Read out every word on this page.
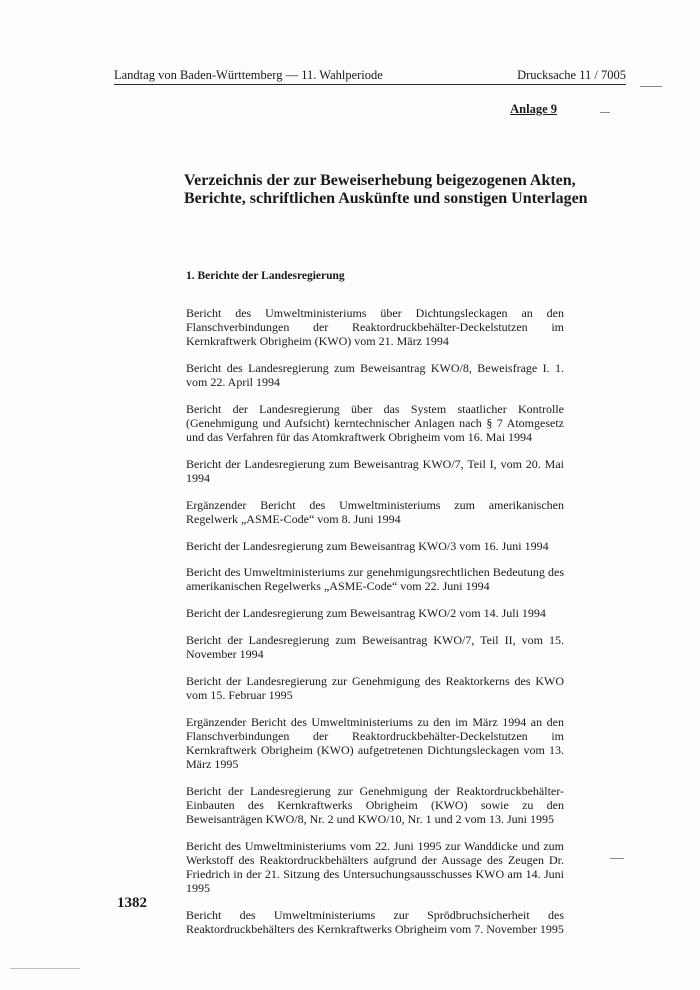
Landtag von Baden-Württemberg — 11. Wahlperiode	Drucksache 11 / 7005
Anlage 9
Verzeichnis der zur Beweiserhebung beigezogenen Akten,
Berichte, schriftlichen Auskünfte und sonstigen Unterlagen
1. Berichte der Landesregierung

Bericht des Umweltministeriums über Dichtungsleckagen an den Flanschverbindungen der Reaktordruckbehälter-Deckelstutzen im Kernkraftwerk Obrigheim (KWO) vom 21. März 1994

Bericht des Landesregierung zum Beweisantrag KWO/8, Beweisfrage I. 1. vom 22. April 1994

Bericht der Landesregierung über das System staatlicher Kontrolle (Genehmigung und Aufsicht) kerntechnischer Anlagen nach § 7 Atomgesetz und das Verfahren für das Atomkraftwerk Obrigheim vom 16. Mai 1994

Bericht der Landesregierung zum Beweisantrag KWO/7, Teil I, vom 20. Mai 1994

Ergänzender Bericht des Umweltministeriums zum amerikanischen Regelwerk „ASME-Code“ vom 8. Juni 1994

Bericht der Landesregierung zum Beweisantrag KWO/3 vom 16. Juni 1994

Bericht des Umweltministeriums zur genehmigungsrechtlichen Bedeutung des amerikanischen Regelwerks „ASME-Code“ vom 22. Juni 1994

Bericht der Landesregierung zum Beweisantrag KWO/2 vom 14. Juli 1994

Bericht der Landesregierung zum Beweisantrag KWO/7, Teil II, vom 15. November 1994

Bericht der Landesregierung zur Genehmigung des Reaktorkerns des KWO vom 15. Februar 1995

Ergänzender Bericht des Umweltministeriums zu den im März 1994 an den Flanschverbindungen der Reaktordruckbehälter-Deckelstutzen im Kernkraftwerk Obrigheim (KWO) aufgetretenen Dichtungsleckagen vom 13. März 1995

Bericht der Landesregierung zur Genehmigung der Reaktordruckbehälter-Einbauten des Kernkraftwerks Obrigheim (KWO) sowie zu den Beweisanträgen KWO/8, Nr. 2 und KWO/10, Nr. 1 und 2 vom 13. Juni 1995

Bericht des Umweltministeriums vom 22. Juni 1995 zur Wanddicke und zum Werkstoff des Reaktordruckbehälters aufgrund der Aussage des Zeugen Dr. Friedrich in der 21. Sitzung des Untersuchungsausschusses KWO am 14. Juni 1995

Bericht des Umweltministeriums zur Sprödbruchsicherheit des Reaktordruckbehälters des Kernkraftwerks Obrigheim vom 7. November 1995

1382
